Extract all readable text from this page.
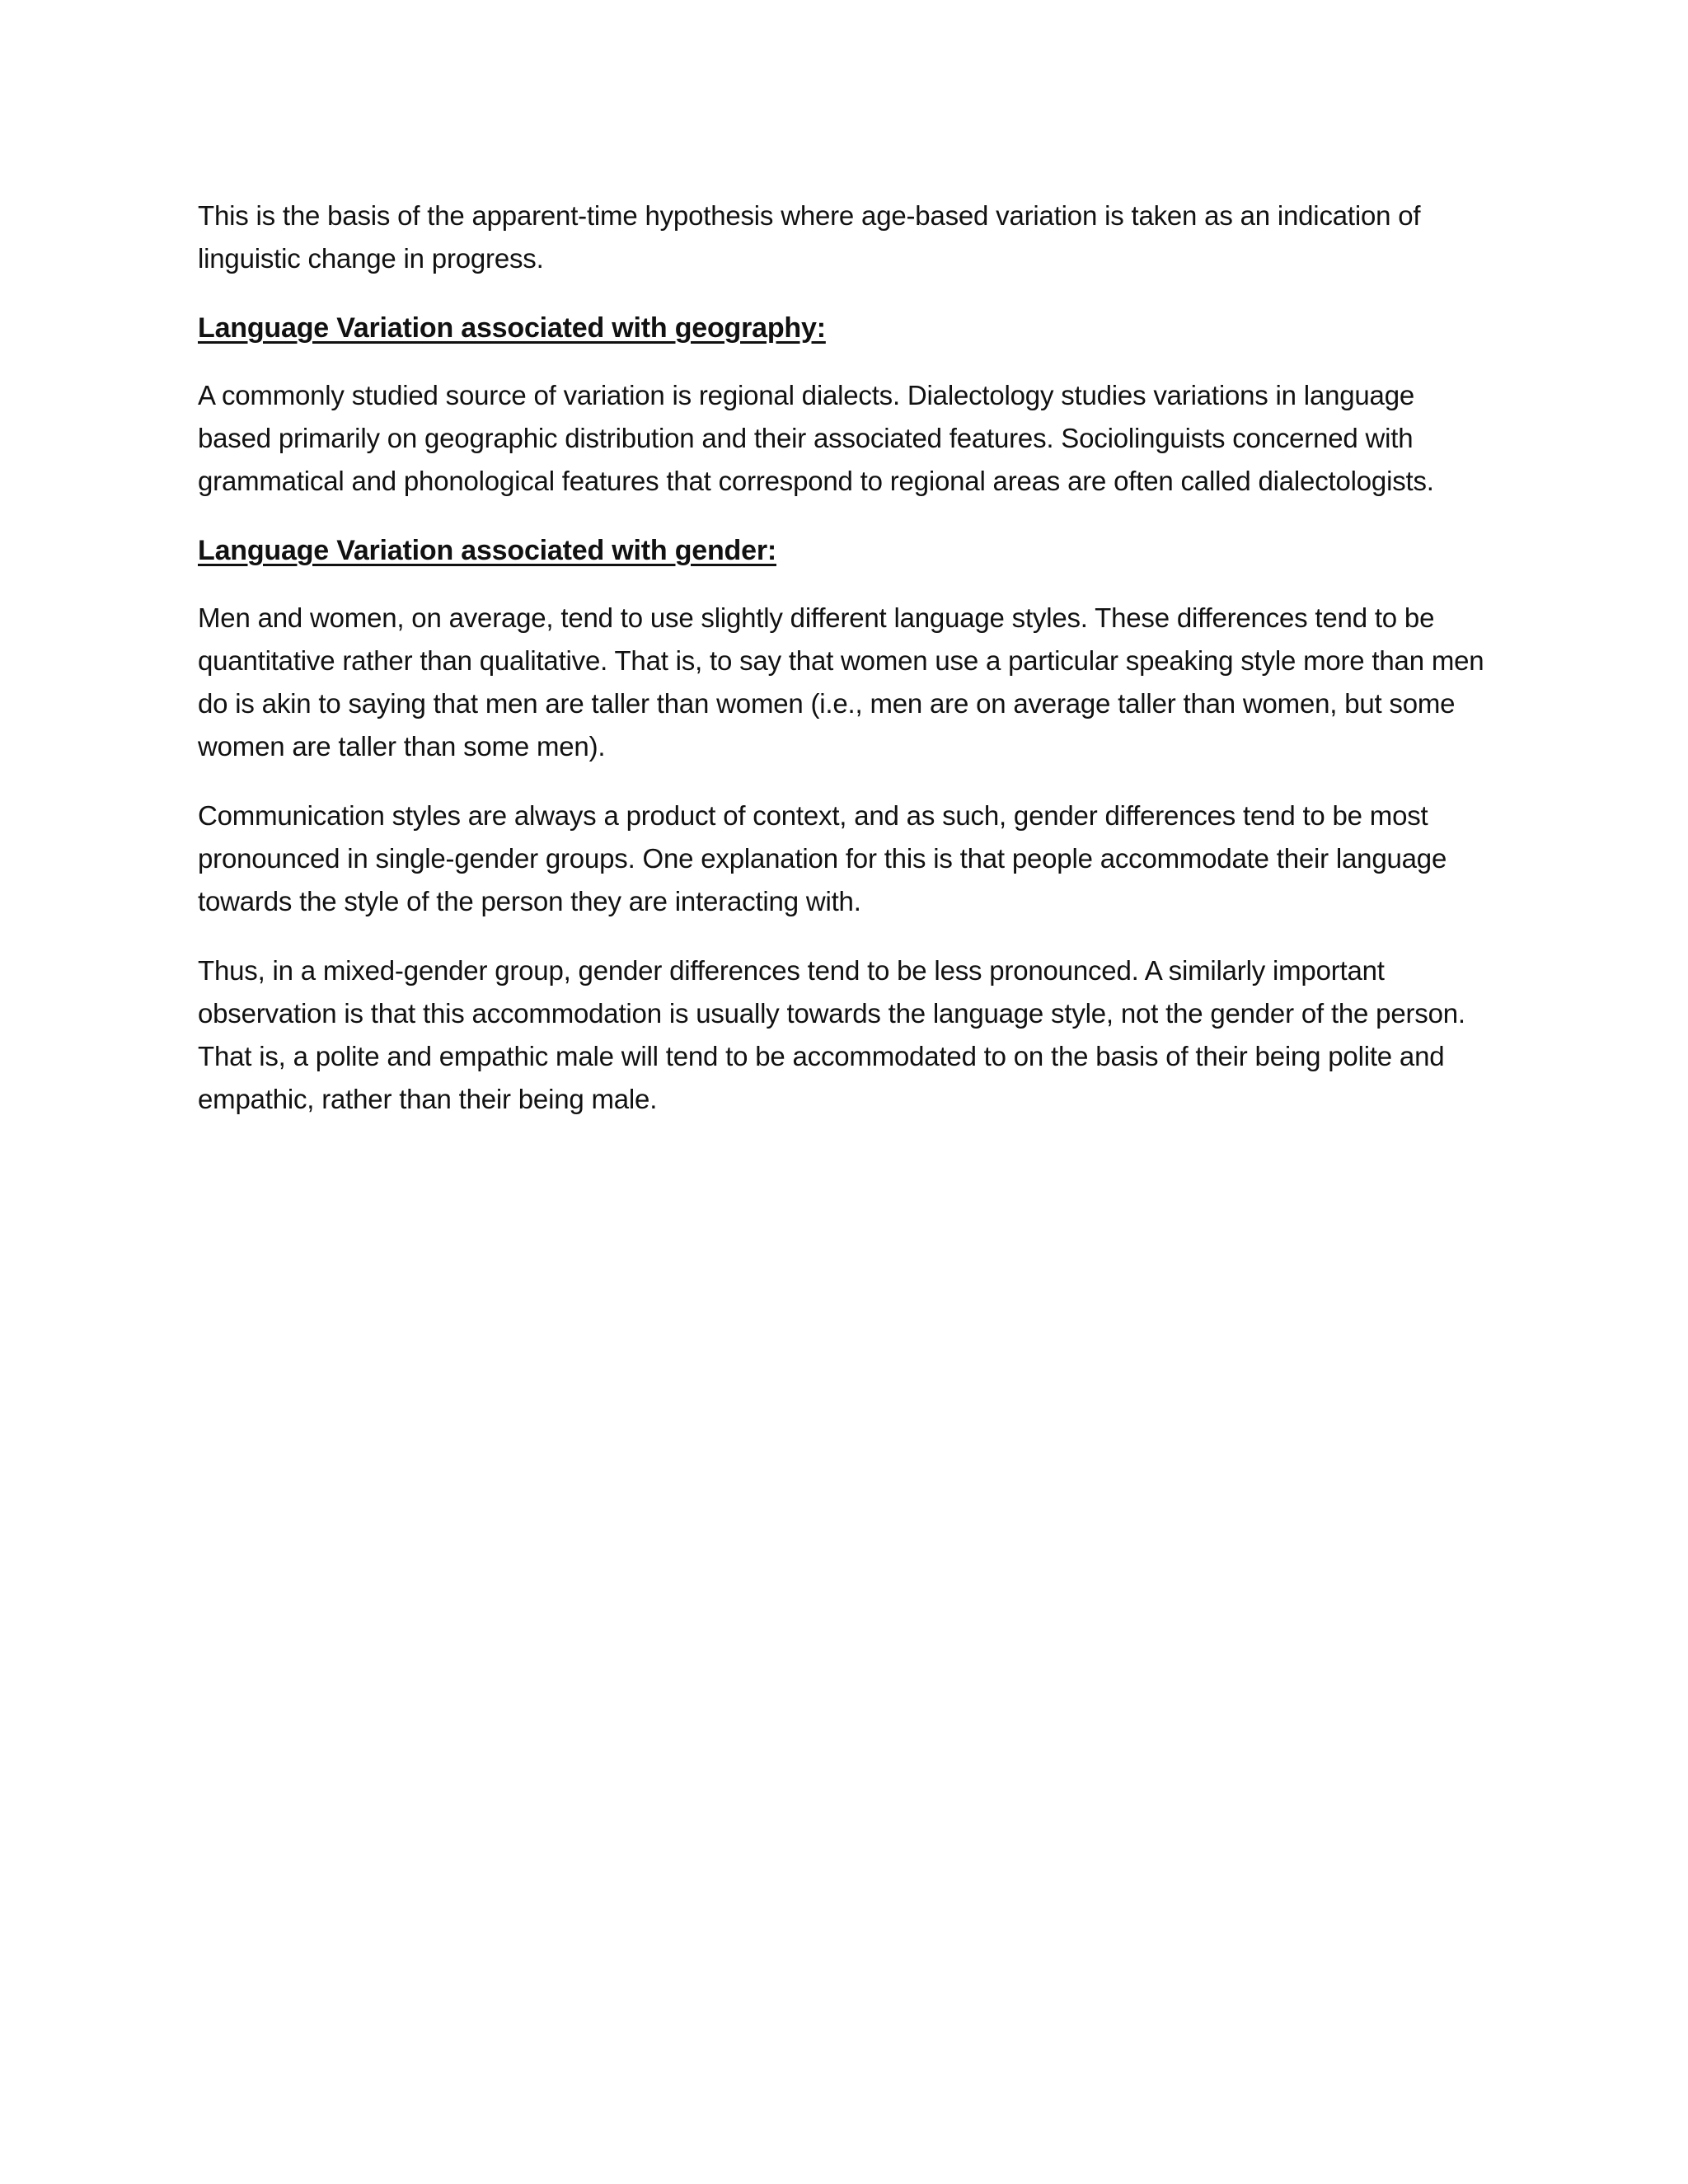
This is the basis of the apparent-time hypothesis where age-based variation is taken as an indication of linguistic change in progress.

Language Variation associated with geography:

A commonly studied source of variation is regional dialects. Dialectology studies variations in language based primarily on geographic distribution and their associated features. Sociolinguists concerned with grammatical and phonological features that correspond to regional areas are often called dialectologists.

Language Variation associated with gender:

Men and women, on average, tend to use slightly different language styles. These differences tend to be quantitative rather than qualitative. That is, to say that women use a particular speaking style more than men do is akin to saying that men are taller than women (i.e., men are on average taller than women, but some women are taller than some men).

Communication styles are always a product of context, and as such, gender differences tend to be most pronounced in single-gender groups. One explanation for this is that people accommodate their language towards the style of the person they are interacting with.

Thus, in a mixed-gender group, gender differences tend to be less pronounced. A similarly important observation is that this accommodation is usually towards the language style, not the gender of the person. That is, a polite and empathic male will tend to be accommodated to on the basis of their being polite and empathic, rather than their being male.
